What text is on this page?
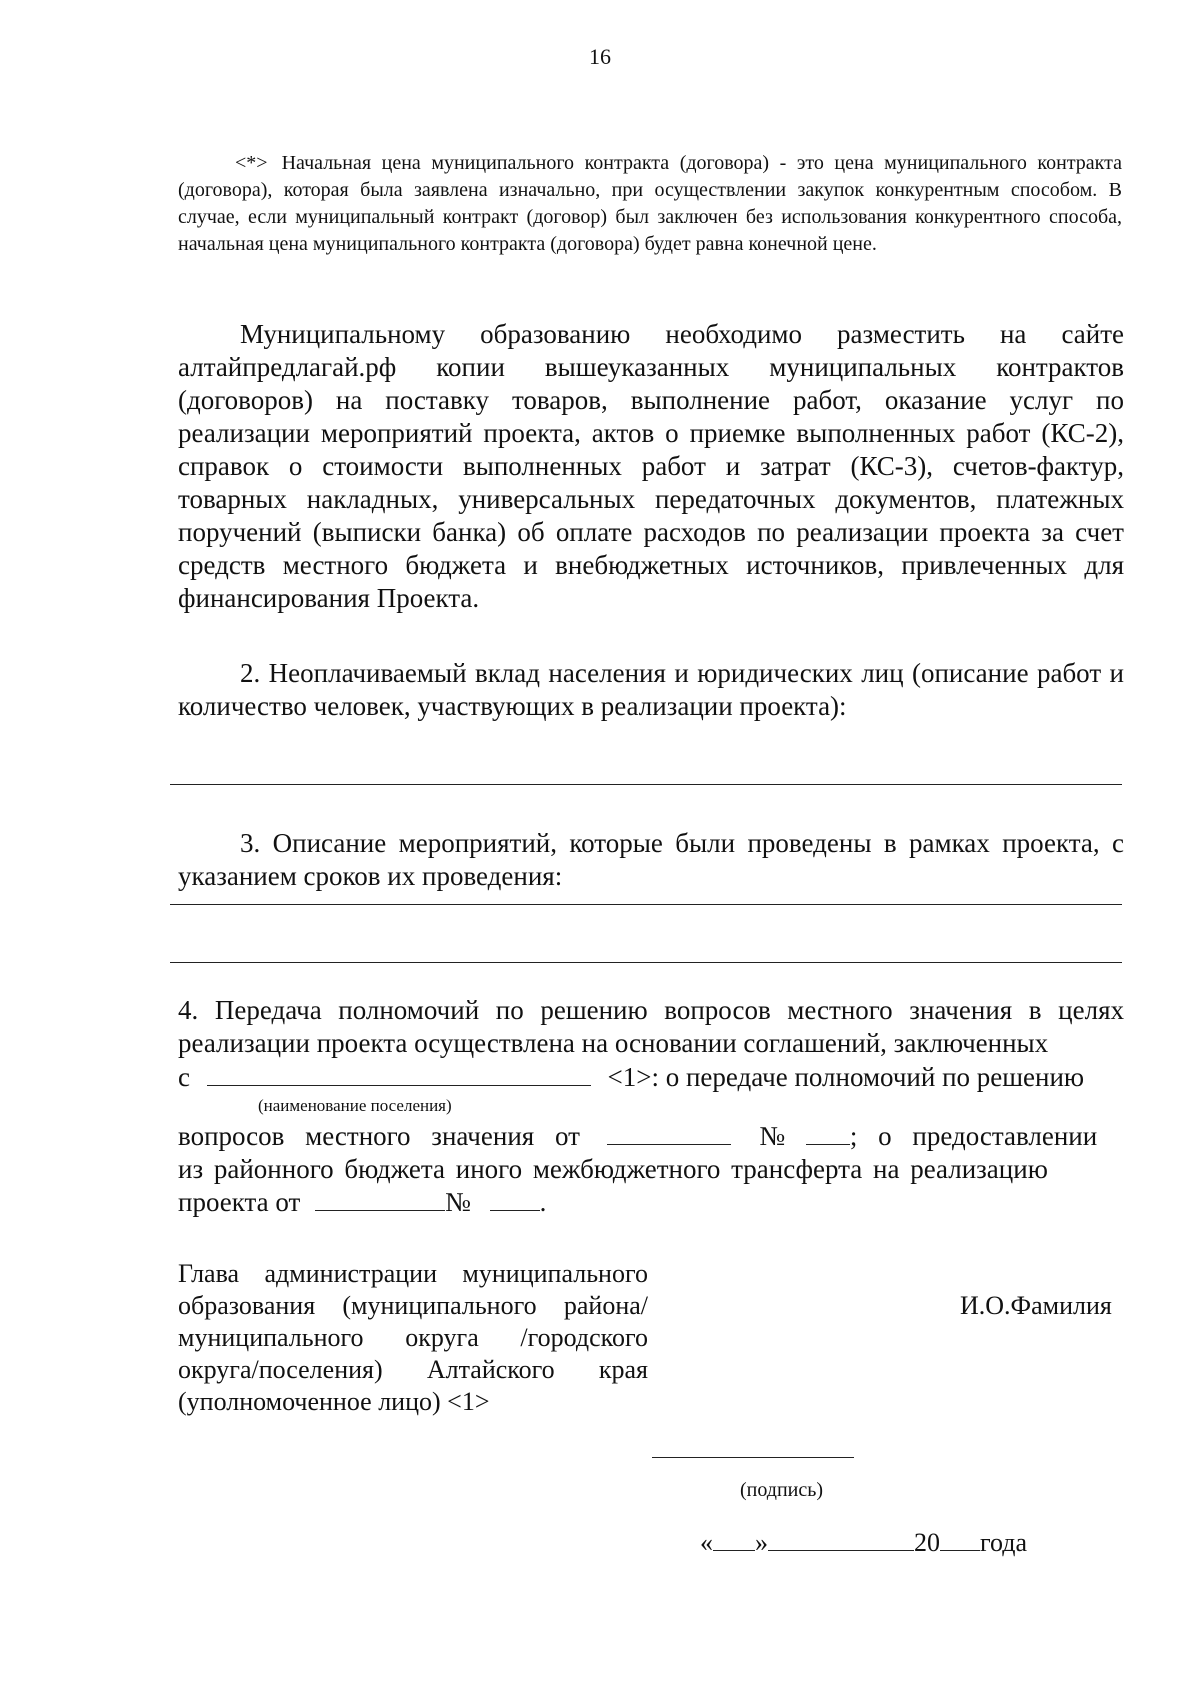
16
<*> Начальная цена муниципального контракта (договора) - это цена муниципального контракта (договора), которая была заявлена изначально, при осуществлении закупок конкурентным способом. В случае, если муниципальный контракт (договор) был заключен без использования конкурентного способа, начальная цена муниципального контракта (договора) будет равна конечной цене.
Муниципальному образованию необходимо разместить на сайте алтайпредлагай.рф копии вышеуказанных муниципальных контрактов (договоров) на поставку товаров, выполнение работ, оказание услуг по реализации мероприятий проекта, актов о приемке выполненных работ (КС-2), справок о стоимости выполненных работ и затрат (КС-3), счетов-фактур, товарных накладных, универсальных передаточных документов, платежных поручений (выписки банка) об оплате расходов по реализации проекта за счет средств местного бюджета и внебюджетных источников, привлеченных для финансирования Проекта.
2. Неоплачиваемый вклад населения и юридических лиц (описание работ и количество человек, участвующих в реализации проекта):
3. Описание мероприятий, которые были проведены в рамках проекта, с указанием сроков их проведения:
4. Передача полномочий по решению вопросов местного значения в целях реализации проекта осуществлена на основании соглашений, заключенных
с	<1>: о передаче полномочий по решению
(наименование поселения)
вопросов местного значения от	№ ; о предоставлении
из районного бюджета иного межбюджетного трансферта на реализацию
проекта от	№	.
Глава администрации муниципального образования (муниципального района/муниципального округа /городского округа/поселения) Алтайского края (уполномоченное лицо) <1>
И.О.Фамилия
(подпись)
« »	20 года
